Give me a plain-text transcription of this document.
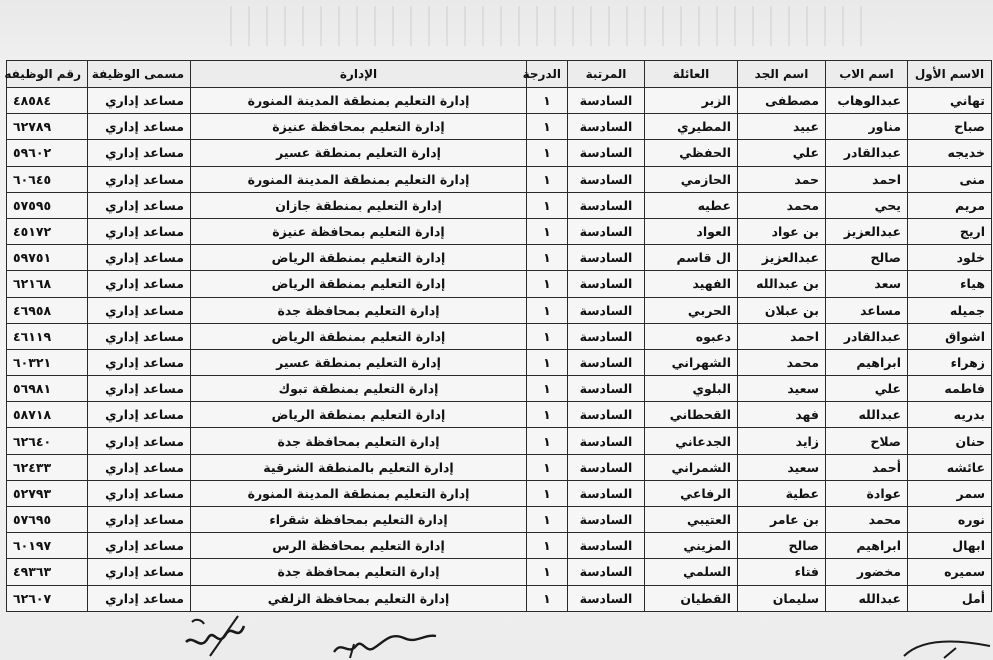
الاسم الأول	اسم الاب	اسم الجد	العائلة	المرتبة	الدرجة	الإدارة	مسمى الوظيفة	رقم الوظيفه
تهاني	عبدالوهاب	مصطفى	الزبر	السادسة	١	إدارة التعليم بمنطقة المدينة المنورة	مساعد إداري	٤٨٥٨٤
صباح	مناور	عبيد	المطيري	السادسة	١	إدارة التعليم بمحافظة عنيزة	مساعد إداري	٦٢٧٨٩
خديجه	عبدالقادر	علي	الحفظي	السادسة	١	إدارة التعليم بمنطقة عسير	مساعد إداري	٥٩٦٠٢
منى	احمد	حمد	الحازمي	السادسة	١	إدارة التعليم بمنطقة المدينة المنورة	مساعد إداري	٦٠٦٤٥
مريم	يحي	محمد	عطيه	السادسة	١	إدارة التعليم بمنطقة جازان	مساعد إداري	٥٧٥٩٥
اريج	عبدالعزيز	بن عواد	العواد	السادسة	١	إدارة التعليم بمحافظة عنيزة	مساعد إداري	٤٥١٧٢
خلود	صالح	عبدالعزيز	ال قاسم	السادسة	١	إدارة التعليم بمنطقة الرياض	مساعد إداري	٥٩٧٥١
هياء	سعد	بن عبدالله	الفهيد	السادسة	١	إدارة التعليم بمنطقة الرياض	مساعد إداري	٦٢١٦٨
جميله	مساعد	بن عبلان	الحربي	السادسة	١	إدارة التعليم بمحافظة جدة	مساعد إداري	٤٦٩٥٨
اشواق	عبدالقادر	احمد	دعبوه	السادسة	١	إدارة التعليم بمنطقة الرياض	مساعد إداري	٤٦١١٩
زهراء	ابراهيم	محمد	الشهراني	السادسة	١	إدارة التعليم بمنطقة عسير	مساعد إداري	٦٠٣٢١
فاطمه	علي	سعيد	البلوي	السادسة	١	إدارة التعليم بمنطقة تبوك	مساعد إداري	٥٦٩٨١
بدريه	عبدالله	فهد	القحطاني	السادسة	١	إدارة التعليم بمنطقة الرياض	مساعد إداري	٥٨٧١٨
حنان	صلاح	زايد	الجدعاني	السادسة	١	إدارة التعليم بمحافظة جدة	مساعد إداري	٦٢٦٤٠
عائشه	أحمد	سعيد	الشمراني	السادسة	١	إدارة التعليم بالمنطقة الشرقية	مساعد إداري	٦٢٤٣٣
سمر	عوادة	عطية	الرفاعي	السادسة	١	إدارة التعليم بمنطقة المدينة المنورة	مساعد إداري	٥٢٧٩٣
نوره	محمد	بن عامر	العتيبي	السادسة	١	إدارة التعليم بمحافظة شقراء	مساعد إداري	٥٧٦٩٥
ابهال	ابراهيم	صالح	المزيني	السادسة	١	إدارة التعليم بمحافظة الرس	مساعد إداري	٦٠١٩٧
سميره	مخضور	فتاء	السلمي	السادسة	١	إدارة التعليم بمحافظة جدة	مساعد إداري	٤٩٣٦٣
أمل	عبدالله	سليمان	القطيان	السادسة	١	إدارة التعليم بمحافظة الزلفي	مساعد إداري	٦٢٦٠٧
